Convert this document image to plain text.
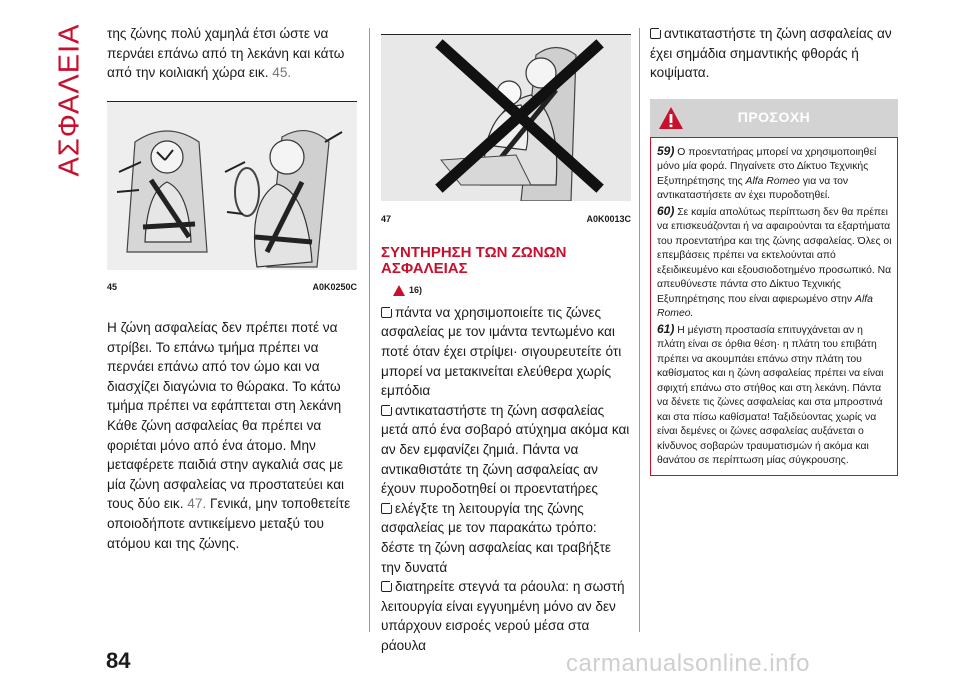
ΑΣΦΑΛΕΙΑ της ζώνης πολύ χαμηλά έτσι ώστε να περνάει επάνω από τη λεκάνη και κάτω από την κοιλιακή χώρα εικ. 45.

45	A0K0250C

Η ζώνη ασφαλείας δεν πρέπει ποτέ να στρίβει. Το επάνω τμήμα πρέπει να περνάει επάνω από τον ώμο και να διασχίζει διαγώνια το θώρακα. Το κάτω τμήμα πρέπει να εφάπτεται στη λεκάνη Κάθε ζώνη ασφαλείας θα πρέπει να φοριέται μόνο από ένα άτομο. Μην μεταφέρετε παιδιά στην αγκαλιά σας με μία ζώνη ασφαλείας να προστατεύει και τους δύο εικ. 47. Γενικά, μην τοποθετείτε οποιοδήποτε αντικείμενο μεταξύ του ατόμου και της ζώνης.

47	A0K0013C
ΣΥΝΤΗΡΗΣΗ ΤΩΝ ΖΩΝΩΝ
ΑΣΦΑΛΕΙΑΣ
16)

πάντα να χρησιμοποιείτε τις ζώνες ασφαλείας με τον ιμάντα τεντωμένο και ποτέ όταν έχει στρίψει· σιγουρευτείτε ότι μπορεί να μετακινείται ελεύθερα χωρίς εμπόδια

αντικαταστήστε τη ζώνη ασφαλείας μετά από ένα σοβαρό ατύχημα ακόμα και αν δεν εμφανίζει ζημιά. Πάντα να αντικαθιστάτε τη ζώνη ασφαλείας αν έχουν πυροδοτηθεί οι προεντατήρες

ελέγξτε τη λειτουργία της ζώνης ασφαλείας με τον παρακάτω τρόπο: δέστε τη ζώνη ασφαλείας και τραβήξτε την δυνατά

διατηρείτε στεγνά τα ράουλα: η σωστή λειτουργία είναι εγγυημένη μόνο αν δεν υπάρχουν εισροές νερού μέσα στα ράουλα

αντικαταστήστε τη ζώνη ασφαλείας αν έχει σημάδια σημαντικής φθοράς ή κοψίματα.

ΠΡΟΣΟΧΗ

59) Ο προεντατήρας μπορεί να χρησιμοποιηθεί μόνο μία φορά. Πηγαίνετε στο Δίκτυο Τεχνικής Εξυπηρέτησης της Alfa Romeo για να τον αντικαταστήσετε αν έχει πυροδοτηθεί.

60) Σε καμία απολύτως περίπτωση δεν θα πρέπει να επισκευάζονται ή να αφαιρούνται τα εξαρτήματα του προεντατήρα και της ζώνης ασφαλείας. Όλες οι επεμβάσεις πρέπει να εκτελούνται από εξειδικευμένο και εξουσιοδοτημένο προσωπικό. Να απευθύνεστε πάντα στο Δίκτυο Τεχνικής Εξυπηρέτησης που είναι αφιερωμένο στην Alfa Romeo.

61) Η μέγιστη προστασία επιτυγχάνεται αν η πλάτη είναι σε όρθια θέση· η πλάτη του επιβάτη πρέπει να ακουμπάει επάνω στην πλάτη του καθίσματος και η ζώνη ασφαλείας πρέπει να είναι σφιχτή επάνω στο στήθος και στη λεκάνη. Πάντα να δένετε τις ζώνες ασφαλείας και στα μπροστινά και στα πίσω καθίσματα! Ταξιδεύοντας χωρίς να είναι δεμένες οι ζώνες ασφαλείας αυξάνεται ο κίνδυνος σοβαρών τραυματισμών ή ακόμα και θανάτου σε περίπτωση μίας σύγκρουσης.

84	carmanualsonline.info
